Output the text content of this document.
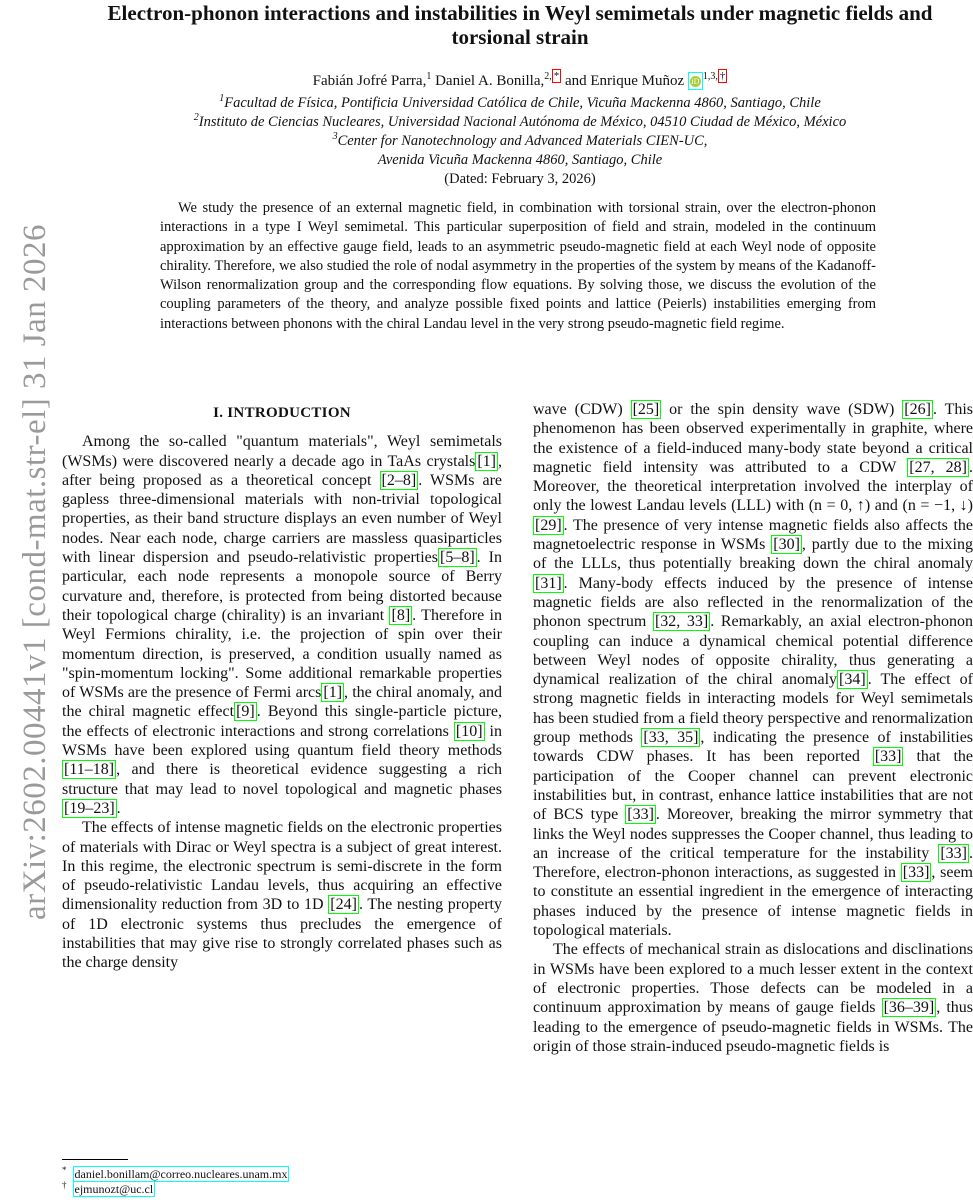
arXiv:2602.00441v1 [cond-mat.str-el] 31 Jan 2026
Electron-phonon interactions and instabilities in Weyl semimetals under magnetic fields and torsional strain
Fabián Jofré Parra,$^1$ Daniel A. Bonilla,$^{2,}$ * and Enrique Muñoz iD $^{1,3,}$ †
$^1$Facultad de Física, Pontificia Universidad Católica de Chile, Vicuña Mackenna 4860, Santiago, Chile
$^2$Instituto de Ciencias Nucleares, Universidad Nacional Autónoma de México, 04510 Ciudad de México, México
$^3$Center for Nanotechnology and Advanced Materials CIEN-UC,
Avenida Vicuña Mackenna 4860, Santiago, Chile
(Dated: February 3, 2026)

We study the presence of an external magnetic field, in combination with torsional strain, over the electron-phonon interactions in a type I Weyl semimetal. This particular superposition of field and strain, modeled in the continuum approximation by an effective gauge field, leads to an asymmetric pseudo-magnetic field at each Weyl node of opposite chirality. Therefore, we also studied the role of nodal asymmetry in the properties of the system by means of the Kadanoff-Wilson renormalization group and the corresponding flow equations. By solving those, we discuss the evolution of the coupling parameters of the theory, and analyze possible fixed points and lattice (Peierls) instabilities emerging from interactions between phonons with the chiral Landau level in the very strong pseudo-magnetic field regime.

I. INTRODUCTION

Among the so-called "quantum materials", Weyl semimetals (WSMs) were discovered nearly a decade ago in TaAs crystals [1] , after being proposed as a theoretical concept [2–8] . WSMs are gapless three-dimensional materials with non-trivial topological properties, as their band structure displays an even number of Weyl nodes. Near each node, charge carriers are massless quasiparticles with linear dispersion and pseudo-relativistic properties [5–8] . In particular, each node represents a monopole source of Berry curvature and, therefore, is protected from being distorted because their topological charge (chirality) is an invariant [8] . Therefore in Weyl Fermions chirality, i.e. the projection of spin over their momentum direction, is preserved, a condition usually named as "spin-momentum locking". Some additional remarkable properties of WSMs are the presence of Fermi arcs [1] , the chiral anomaly, and the chiral magnetic effect [9] . Beyond this single-particle picture, the effects of electronic interactions and strong correlations [10] in WSMs have been explored using quantum field theory methods [11–18] , and there is theoretical evidence suggesting a rich structure that may lead to novel topological and magnetic phases [19–23] .

The effects of intense magnetic fields on the electronic properties of materials with Dirac or Weyl spectra is a subject of great interest. In this regime, the electronic spectrum is semi-discrete in the form of pseudo-relativistic Landau levels, thus acquiring an effective dimensionality reduction from 3D to 1D [24] . The nesting property of 1D electronic systems thus precludes the emergence of instabilities that may give rise to strongly correlated phases such as the charge density

wave (CDW) [25] or the spin density wave (SDW) [26] . This phenomenon has been observed experimentally in graphite, where the existence of a field-induced many-body state beyond a critical magnetic field intensity was attributed to a CDW [27, 28] . Moreover, the theoretical interpretation involved the interplay of only the lowest Landau levels (LLL) with (n = 0, ↑) and (n = −1, ↓)[29] . The presence of very intense magnetic fields also affects the magnetoelectric response in WSMs [30] , partly due to the mixing of the LLLs, thus potentially breaking down the chiral anomaly [31] . Many-body effects induced by the presence of intense magnetic fields are also reflected in the renormalization of the phonon spectrum [32, 33] . Remarkably, an axial electron-phonon coupling can induce a dynamical chemical potential difference between Weyl nodes of opposite chirality, thus generating a dynamical realization of the chiral anomaly [34] . The effect of strong magnetic fields in interacting models for Weyl semimetals has been studied from a field theory perspective and renormalization group methods [33, 35] , indicating the presence of instabilities towards CDW phases. It has been reported [33] that the participation of the Cooper channel can prevent electronic instabilities but, in contrast, enhance lattice instabilities that are not of BCS type [33] . Moreover, breaking the mirror symmetry that links the Weyl nodes suppresses the Cooper channel, thus leading to an increase of the critical temperature for the instability [33] . Therefore, electron-phonon interactions, as suggested in [33] , seem to constitute an essential ingredient in the emergence of interacting phases induced by the presence of intense magnetic fields in topological materials.

The effects of mechanical strain as dislocations and disclinations in WSMs have been explored to a much lesser extent in the context of electronic properties. Those defects can be modeled in a continuum approximation by means of gauge fields [36–39] , thus leading to the emergence of pseudo-magnetic fields in WSMs. The origin of those strain-induced pseudo-magnetic fields is

* daniel.bonillam@correo.nucleares.unam.mx
† ejmunozt@uc.cl
